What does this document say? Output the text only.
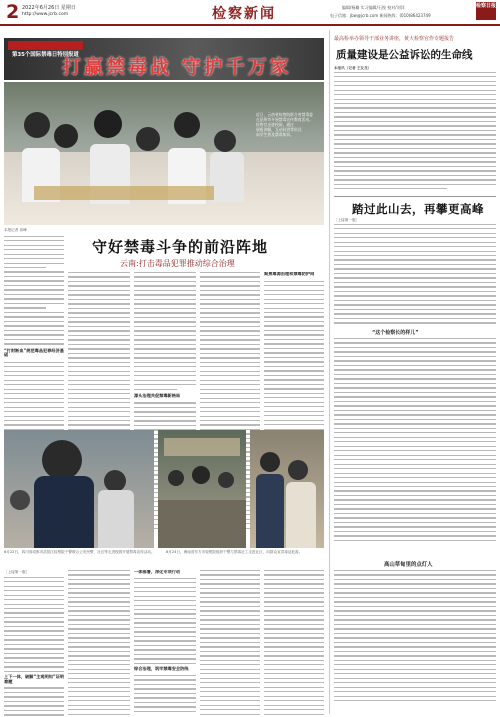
2 2022年6月26日 星期日
http://www.jcrb.com	检察新闻	编辑/杨璐 实习编辑/石悦 校对/刘洋
电子信箱：jbw@jcrb.com 新闻热线：(010)86423749
检察日报
第35个国际禁毒日特别报道
打赢禁毒战 守护千万家
近日，云南省检察院联合省禁毒委
在昆明市开展禁毒宣传教育活动。
检察官走进校园，通过
展板讲解，互动问答等形式
向学生普及禁毒知识。
守好禁毒斗争的前沿阵地
云南:打击毒品犯罪推动综合治理
本报记者 高峰
“打财断血”规范毒品犯罪经济基础
源头治理共促禁毒新格局
聚焦毒源治理和禁毒防护网
6月22日，四川省成都市武侯区检察院干警联合公安民警、社区等走进校园开展禁毒宣传活动。	6月24日，海南省东方市检察院组织干警与禁毒社工走进社区，向群众宣讲毒品危害。
［上接第一版］
上下一体，破解“主观明知”证明难题
一体部署，深化专项行动
综合治理，筑牢禁毒安全防线
最高检举办领导干部业务讲座，黄大检察官作专题报告
质量建设是公益诉讼的生命线
本报讯（记者 王友龙）
踏过此山去，再攀更高峰
［上接第一版］
“这个检察长的样儿”
高山草甸里的点灯人
